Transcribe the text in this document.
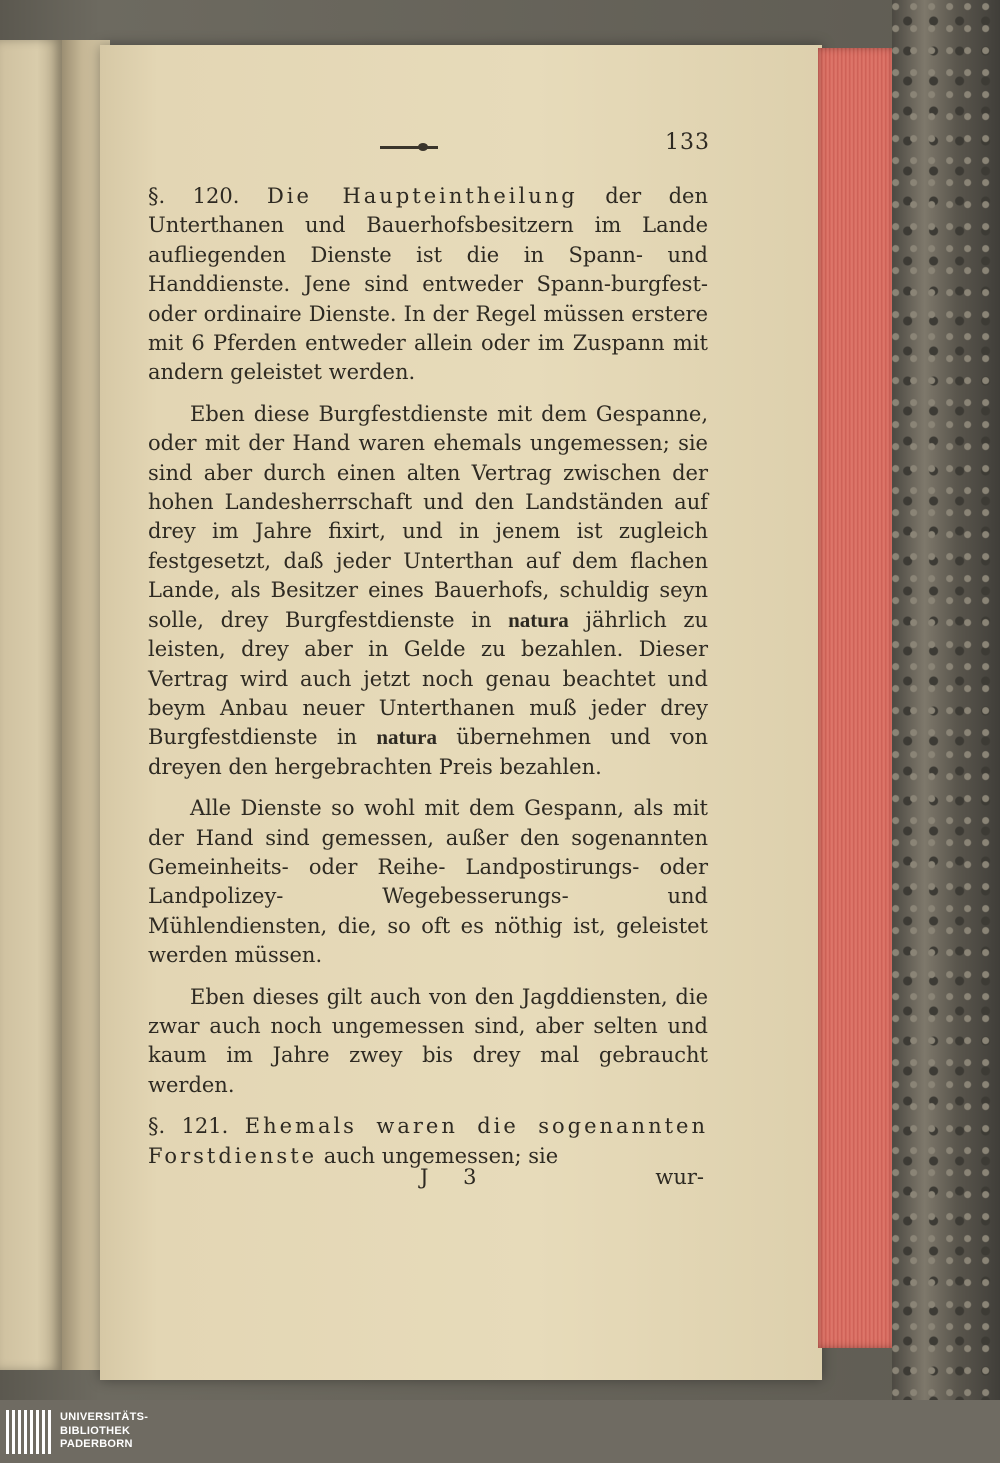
133

§. 120. Die Haupteintheilung der den Unterthanen und Bauerhofsbesitzern im Lande aufliegenden Dienste ist die in Spann- und Handdienste. Jene sind entweder Spann-burgfest- oder ordinaire Dienste. In der Regel müssen erstere mit 6 Pferden entweder allein oder im Zuspann mit andern geleistet werden.

Eben diese Burgfestdienste mit dem Gespanne, oder mit der Hand waren ehemals ungemessen; sie sind aber durch einen alten Vertrag zwischen der hohen Landesherrschaft und den Landständen auf drey im Jahre fixirt, und in jenem ist zugleich festgesetzt, daß jeder Unterthan auf dem flachen Lande, als Besitzer eines Bauerhofs, schuldig seyn solle, drey Burgfestdienste in natura jährlich zu leisten, drey aber in Gelde zu bezahlen. Dieser Vertrag wird auch jetzt noch genau beachtet und beym Anbau neuer Unterthanen muß jeder drey Burgfestdienste in natura übernehmen und von dreyen den hergebrachten Preis bezahlen.

Alle Dienste so wohl mit dem Gespann, als mit der Hand sind gemessen, außer den sogenannten Gemeinheits- oder Reihe- Landpostirungs- oder Landpolizey- Wegebesserungs- und Mühlendiensten, die, so oft es nöthig ist, geleistet werden müssen.

Eben dieses gilt auch von den Jagddiensten, die zwar auch noch ungemessen sind, aber selten und kaum im Jahre zwey bis drey mal gebraucht werden.

§. 121. Ehemals waren die sogenannten Forstdienste auch ungemessen; sie

J 3	wur-
UNIVERSITÄTS-
BIBLIOTHEK
PADERBORN
